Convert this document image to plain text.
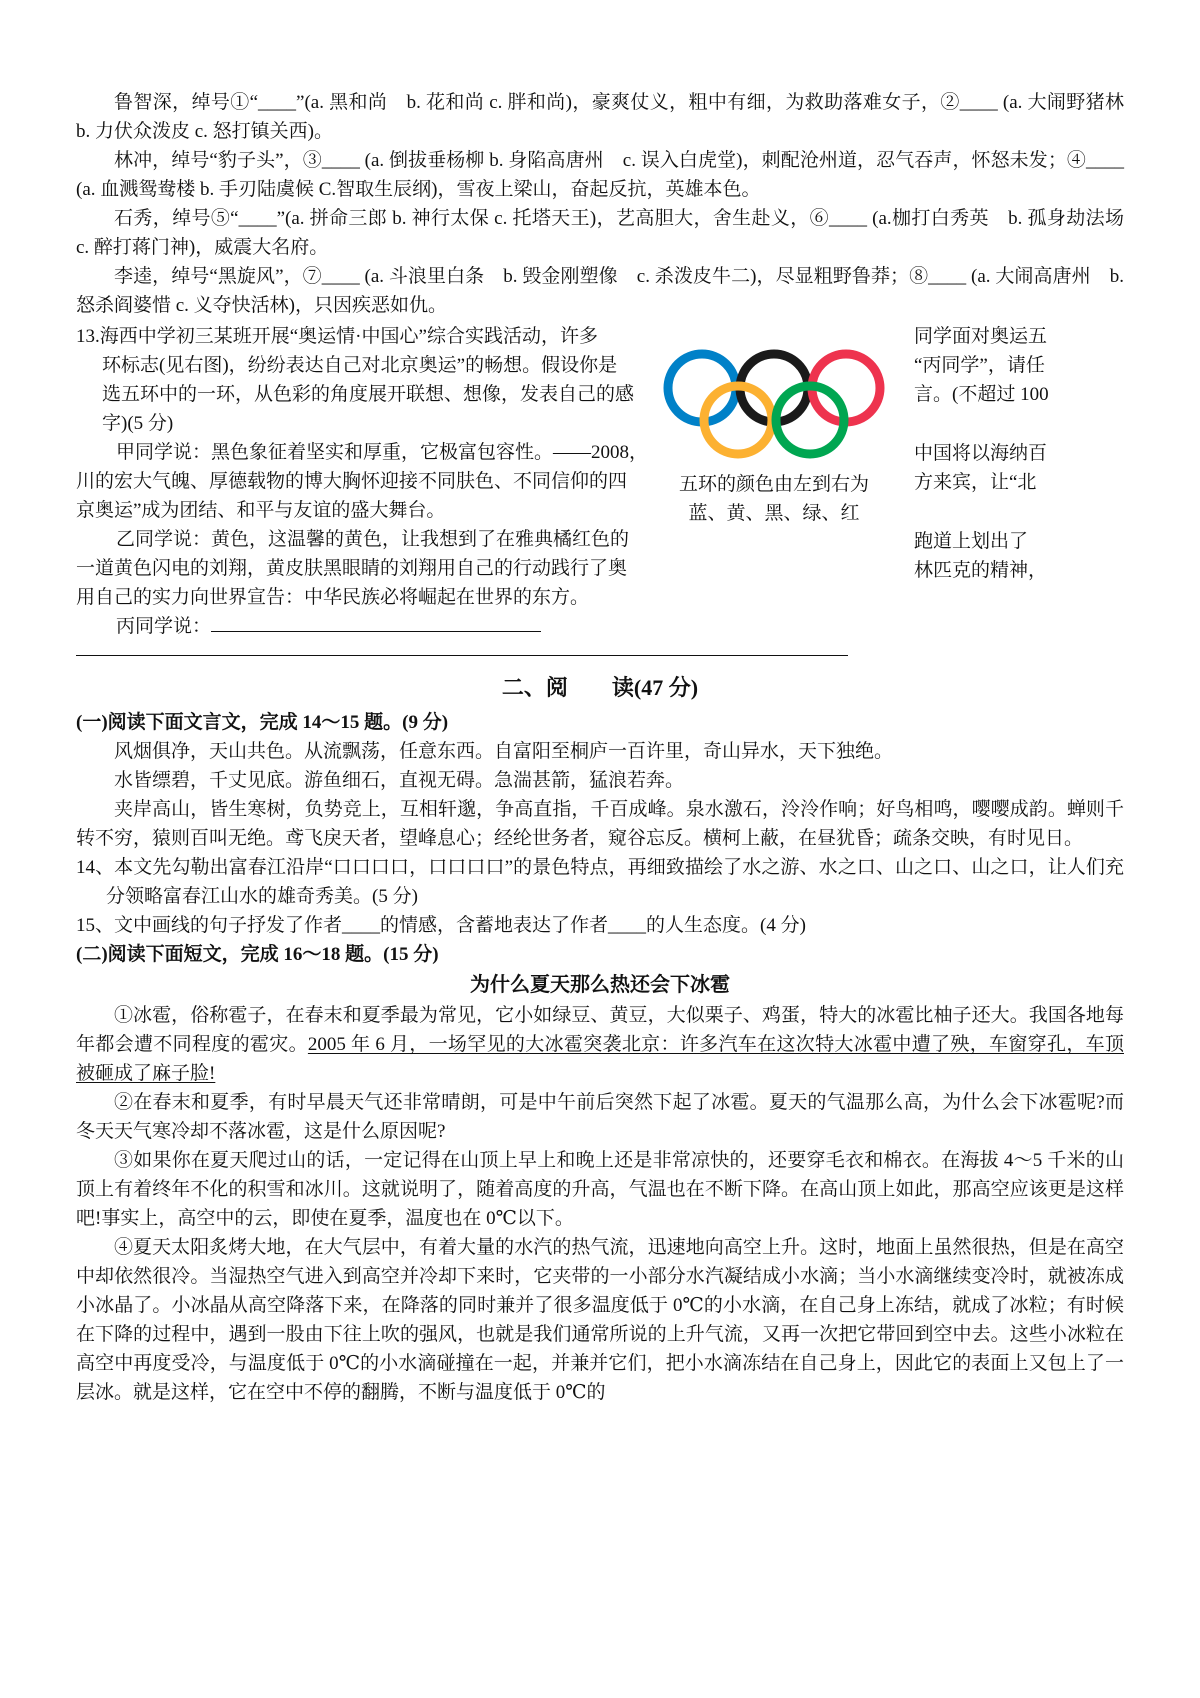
鲁智深，绰号①“____”(a. 黑和尚　b. 花和尚 c. 胖和尚)，豪爽仗义，粗中有细，为救助落难女子，②____ (a. 大闹野猪林　b. 力伏众泼皮 c. 怒打镇关西)。

林冲，绰号“豹子头”，③____ (a. 倒拔垂杨柳 b. 身陷高唐州　c. 误入白虎堂)，刺配沧州道，忍气吞声，怀怒未发；④____ (a. 血溅鸳鸯楼 b. 手刃陆虞候 C.智取生辰纲)，雪夜上梁山，奋起反抗，英雄本色。

石秀，绰号⑤“____”(a. 拼命三郎 b. 神行太保 c. 托塔天王)，艺高胆大，舍生赴义，⑥____ (a.枷打白秀英　b. 孤身劫法场　c. 醉打蒋门神)，威震大名府。

李逵，绰号“黑旋风”，⑦____ (a. 斗浪里白条　b. 毁金刚塑像　c. 杀泼皮牛二)，尽显粗野鲁莽；⑧____ (a. 大闹高唐州　b. 怒杀阎婆惜 c. 义夺快活林)，只因疾恶如仇。

13.海西中学初三某班开展“奥运情·中国心”综合实践活动，许多
环标志(见右图)，纷纷表达自己对北京奥运”的畅想。假设你是
选五环中的一环，从色彩的角度展开联想、想像，发表自己的感
字)(5 分)
甲同学说：黑色象征着坚实和厚重，它极富包容性。——2008，
川的宏大气魄、厚德载物的博大胸怀迎接不同肤色、不同信仰的四
京奥运”成为团结、和平与友谊的盛大舞台。
乙同学说：黄色，这温馨的黄色，让我想到了在雅典橘红色的
一道黄色闪电的刘翔，黄皮肤黑眼睛的刘翔用自己的行动践行了奥
用自己的实力向世界宣告：中华民族必将崛起在世界的东方。
丙同学说：
五环的颜色由左到右为
蓝、黄、黑、绿、红
同学面对奥运五
“丙同学”，请任
言。(不超过 100
中国将以海纳百
方来宾，让“北
跑道上划出了
林匹克的精神，
二、阅　　读(47 分)

(一)阅读下面文言文，完成 14～15 题。(9 分)

风烟俱净，天山共色。从流飘荡，任意东西。自富阳至桐庐一百许里，奇山异水，天下独绝。

水皆缥碧，千丈见底。游鱼细石，直视无碍。急湍甚箭，猛浪若奔。

夹岸高山，皆生寒树，负势竞上，互相轩邈，争高直指，千百成峰。泉水激石，泠泠作响；好鸟相鸣，嘤嘤成韵。蝉则千转不穷，猿则百叫无绝。鸢飞戾天者，望峰息心；经纶世务者，窥谷忘反。横柯上蔽，在昼犹昏；疏条交映，有时见日。

14、本文先勾勒出富春江沿岸“口口口口，口口口口”的景色特点，再细致描绘了水之游、水之口、山之口、山之口，让人们充分领略富春江山水的雄奇秀美。(5 分)

15、文中画线的句子抒发了作者____的情感，含蓄地表达了作者____的人生态度。(4 分)

(二)阅读下面短文，完成 16～18 题。(15 分)

为什么夏天那么热还会下冰雹

①冰雹，俗称雹子，在春末和夏季最为常见，它小如绿豆、黄豆，大似栗子、鸡蛋，特大的冰雹比柚子还大。我国各地每年都会遭不同程度的雹灾。2005 年 6 月，一场罕见的大冰雹突袭北京：许多汽车在这次特大冰雹中遭了殃，车窗穿孔，车顶被砸成了麻子脸!

②在春末和夏季，有时早晨天气还非常晴朗，可是中午前后突然下起了冰雹。夏天的气温那么高，为什么会下冰雹呢?而冬天天气寒冷却不落冰雹，这是什么原因呢?

③如果你在夏天爬过山的话，一定记得在山顶上早上和晚上还是非常凉快的，还要穿毛衣和棉衣。在海拔 4～5 千米的山顶上有着终年不化的积雪和冰川。这就说明了，随着高度的升高，气温也在不断下降。在高山顶上如此，那高空应该更是这样吧!事实上，高空中的云，即使在夏季，温度也在 0℃以下。

④夏天太阳炙烤大地，在大气层中，有着大量的水汽的热气流，迅速地向高空上升。这时，地面上虽然很热，但是在高空中却依然很冷。当湿热空气进入到高空并冷却下来时，它夹带的一小部分水汽凝结成小水滴；当小水滴继续变冷时，就被冻成小冰晶了。小冰晶从高空降落下来，在降落的同时兼并了很多温度低于 0℃的小水滴，在自己身上冻结，就成了冰粒；有时候在下降的过程中，遇到一股由下往上吹的强风，也就是我们通常所说的上升气流，又再一次把它带回到空中去。这些小冰粒在高空中再度受冷，与温度低于 0℃的小水滴碰撞在一起，并兼并它们，把小水滴冻结在自己身上，因此它的表面上又包上了一层冰。就是这样，它在空中不停的翻腾，不断与温度低于 0℃的
